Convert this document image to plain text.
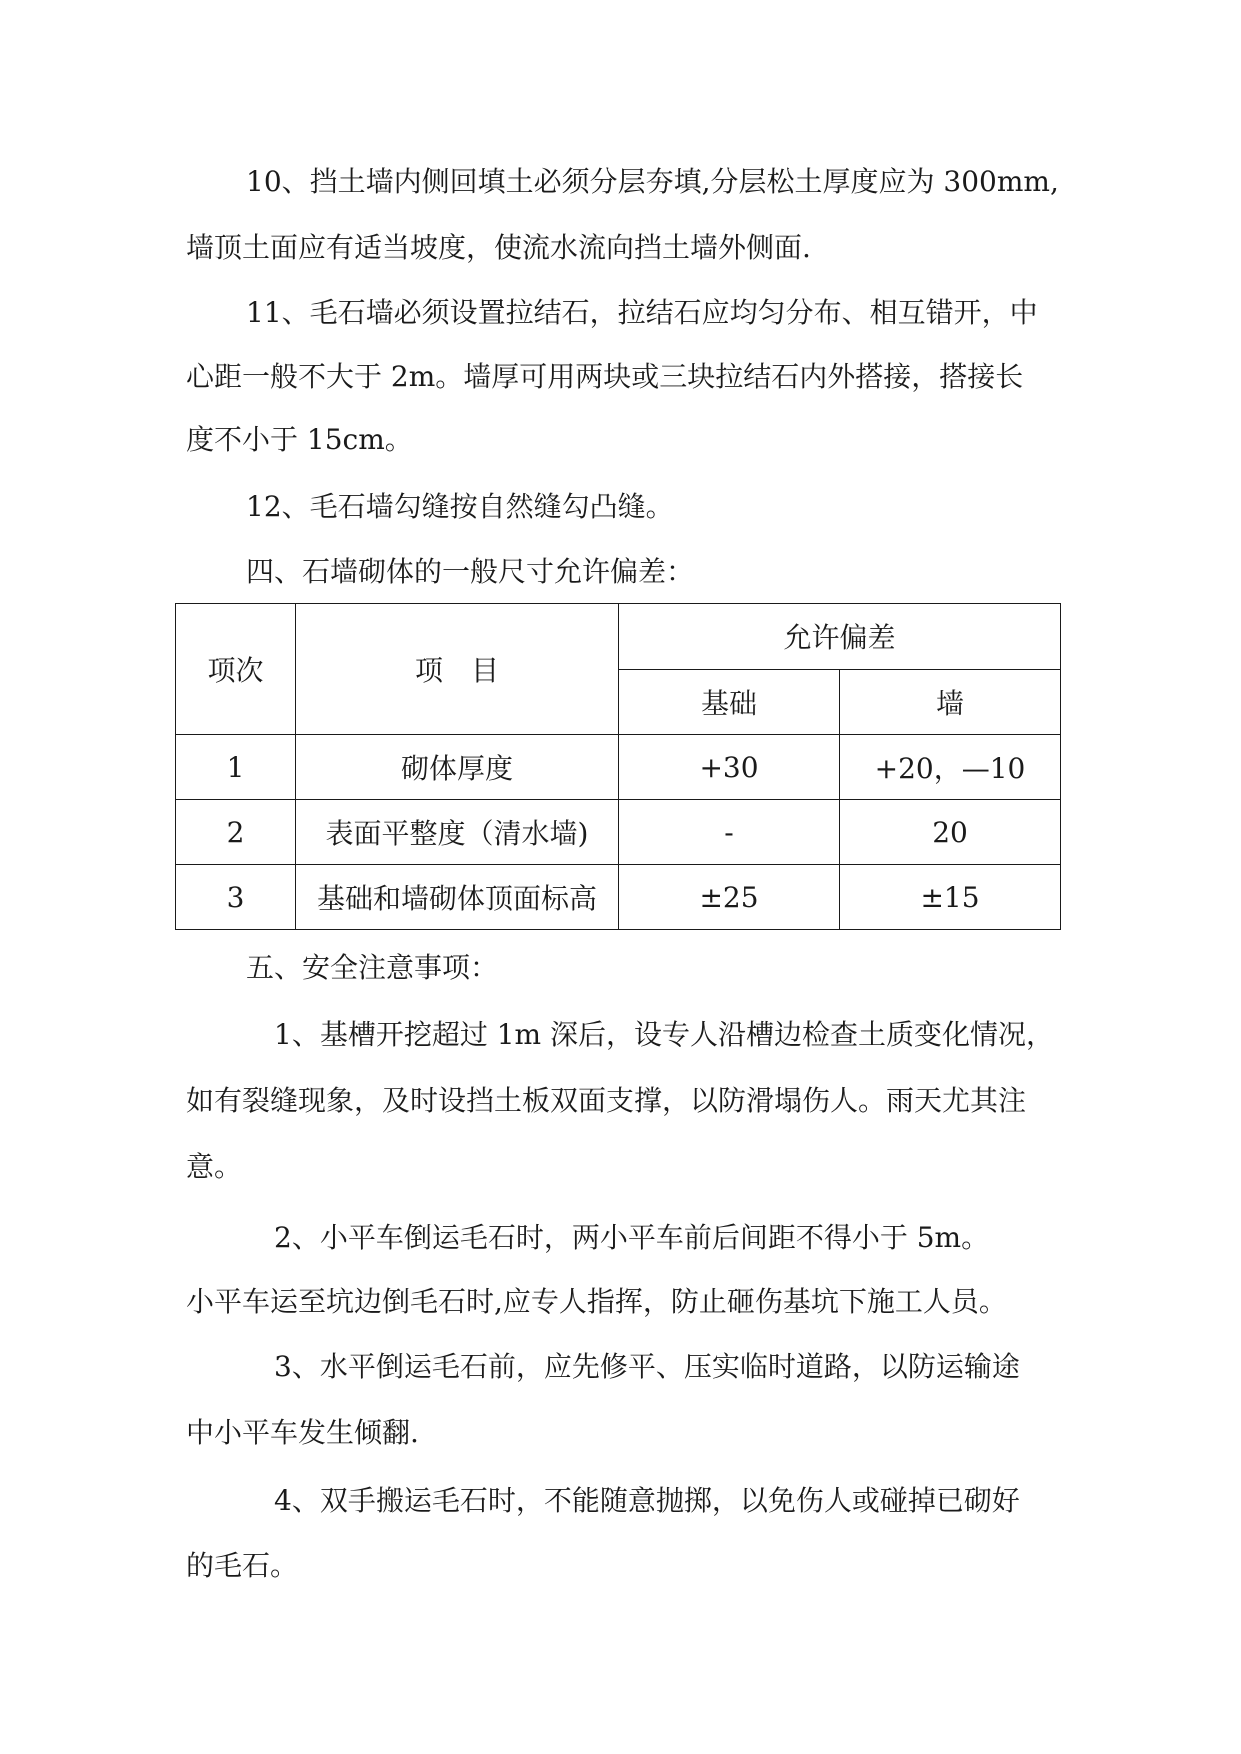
10、挡土墙内侧回填土必须分层夯填,分层松土厚度应为 300mm,
墙顶土面应有适当坡度，使流水流向挡土墙外侧面.
11、毛石墙必须设置拉结石，拉结石应均匀分布、相互错开，中
心距一般不大于 2m。墙厚可用两块或三块拉结石内外搭接，搭接长
度不小于 15cm。
12、毛石墙勾缝按自然缝勾凸缝。
四、石墙砌体的一般尺寸允许偏差：
项次	项　目	允许偏差	
		基础	墙
1	砌体厚度	+30	+20，—10
2	表面平整度（清水墙)	-	20
3	基础和墙砌体顶面标高	±25	±15
五、安全注意事项：
1、基槽开挖超过 1m 深后，设专人沿槽边检查土质变化情况，
如有裂缝现象，及时设挡土板双面支撑，以防滑塌伤人。雨天尤其注
意。
2、小平车倒运毛石时，两小平车前后间距不得小于 5m。
小平车运至坑边倒毛石时,应专人指挥，防止砸伤基坑下施工人员。
3、水平倒运毛石前，应先修平、压实临时道路，以防运输途
中小平车发生倾翻.
4、双手搬运毛石时，不能随意抛掷，以免伤人或碰掉已砌好
的毛石。
